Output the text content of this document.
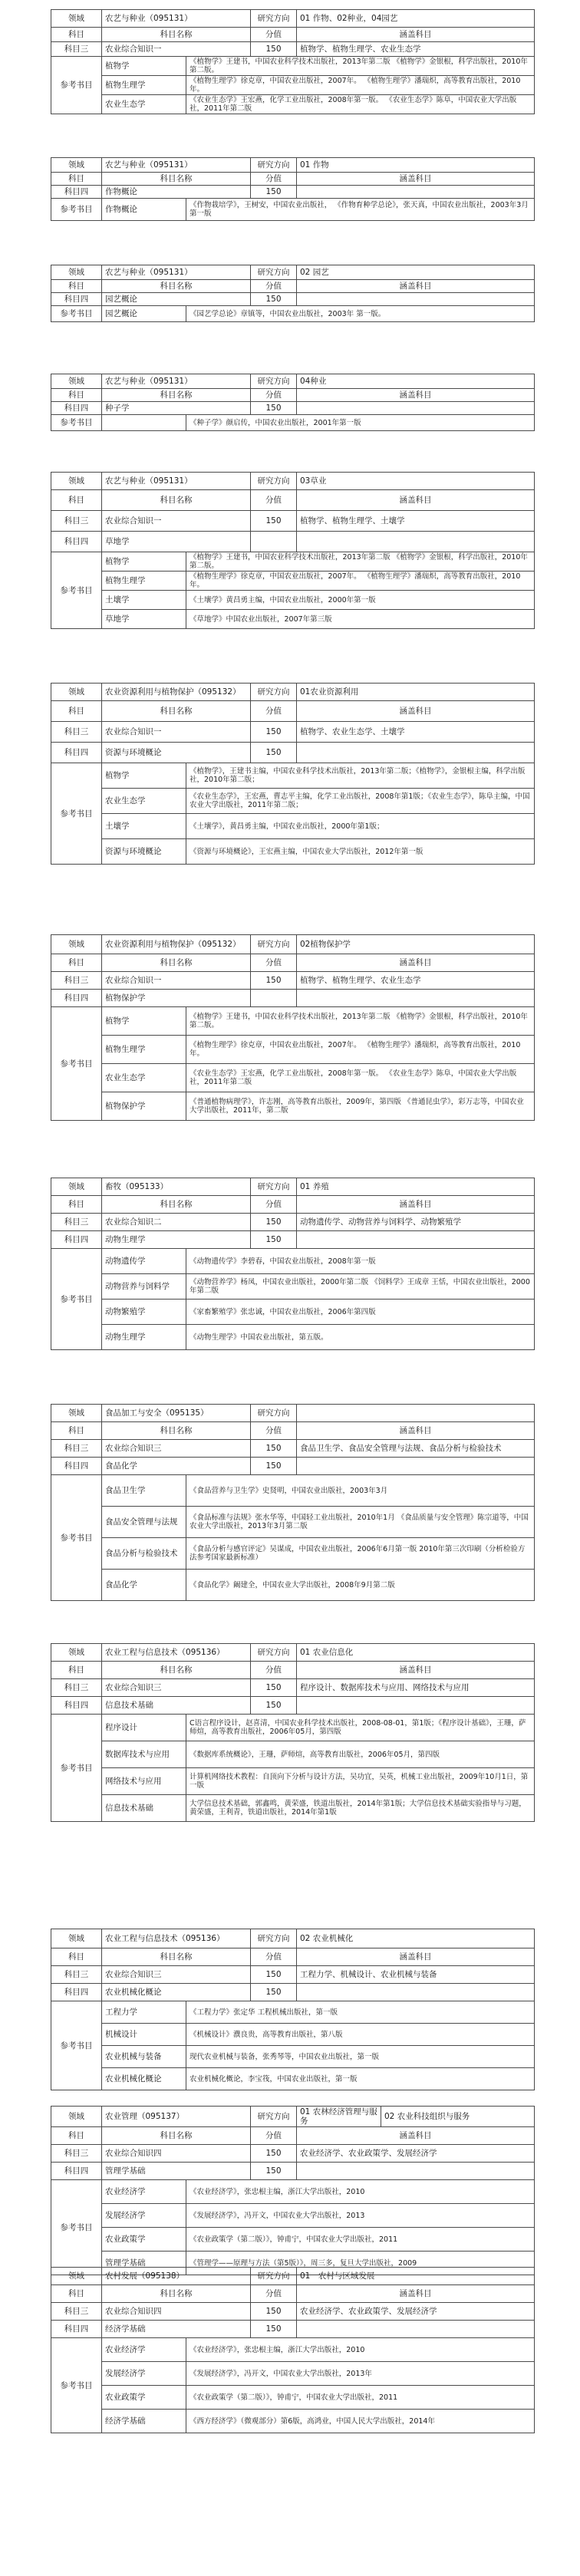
领域	农艺与种业（095131）		研究方向	01 作物、02种业，04园艺
科目	科目名称		分值	涵盖科目
科目三	农业综合知识一		150	植物学、植物生理学、农业生态学
参考书目	植物学	《植物学》王建书，中国农业科学技术出版社，2013年第二版 《植物学》金银根，科学出版社，2010年第二版。		
	植物生理学	《植物生理学》徐克章，中国农业出版社，2007年。 《植物生理学》潘瑞炽，高等教育出版社，2010年。		
	农业生态学	《农业生态学》王宏燕，化学工业出版社，2008年第一版。 《农业生态学》陈阜，中国农业大学出版社，2011年第二版		
领域	农艺与种业（095131）		研究方向	01 作物
科目	科目名称		分值	涵盖科目
科目四	作物概论		150	
参考书目	作物概论	《作物栽培学》，王树安，中国农业出版社， 《作物育种学总论》，张天真，中国农业出版社，2003年3月第一版		
领域	农艺与种业（095131）		研究方向	02 园艺
科目	科目名称		分值	涵盖科目
科目四	园艺概论		150	
参考书目	园艺概论	《园艺学总论》章镇等，中国农业出版社，2003年 第一版。		
领域	农艺与种业（095131）		研究方向	04种业
科目	科目名称		分值	涵盖科目
科目四	种子学		150	
参考书目		《种子学》颜启传，中国农业出版社，2001年第一版		
领域	农艺与种业（095131）		研究方向	03草业
科目	科目名称		分值	涵盖科目
科目三	农业综合知识一		150	植物学、植物生理学、土壤学
科目四	草地学			
参考书目	植物学	《植物学》王建书，中国农业科学技术出版社，2013年第二版 《植物学》金银根，科学出版社，2010年第二版。		
	植物生理学	《植物生理学》徐克章，中国农业出版社，2007年。 《植物生理学》潘瑞炽，高等教育出版社，2010年。		
	土壤学	《土壤学》黄昌勇主编，中国农业出版社，2000年第一版		
	草地学	《草地学》中国农业出版社，2007年第三版		
领域	农业资源利用与植物保护（095132）		研究方向	01农业资源利用
科目	科目名称		分值	涵盖科目
科目三	农业综合知识一		150	植物学、农业生态学、土壤学
科目四	资源与环境概论		150	
参考书目	植物学	《植物学》，王建书主编，中国农业科学技术出版社，2013年第二版；《植物学》，金银根主编，科学出版社，2010年第二版；		
	农业生态学	《农业生态学》，王宏燕，曹志平主编，化学工业出版社，2008年第1版；《农业生态学》，陈阜主编，中国农业大学出版社，2011年第二版；		
	土壤学	《土壤学》，黄昌勇主编，中国农业出版社，2000年第1版；		
	资源与环境概论	《资源与环境概论》，王宏燕主编，中国农业大学出版社，2012年第一版		
领域	农业资源利用与植物保护（095132）		研究方向	02植物保护学
科目	科目名称		分值	涵盖科目
科目三	农业综合知识一		150	植物学、植物生理学、农业生态学
科目四	植物保护学			
参考书目	植物学	《植物学》王建书，中国农业科学技术出版社，2013年第二版 《植物学》金银根，科学出版社，2010年第二版。		
	植物生理学	《植物生理学》徐克章，中国农业出版社，2007年。 《植物生理学》潘瑞炽，高等教育出版社，2010年。		
	农业生态学	《农业生态学》王宏燕，化学工业出版社，2008年第一版。 《农业生态学》陈阜，中国农业大学出版社，2011年第二版		
	植物保护学	《普通植物病理学》，许志刚，高等教育出版社，2009年，第四版 《普通昆虫学》，彩万志等，中国农业大学出版社，2011年，第二版		
领域	畜牧（095133）		研究方向	01 养殖
科目	科目名称		分值	涵盖科目
科目三	农业综合知识二		150	动物遗传学、动物营养与饲料学、动物繁殖学
科目四	动物生理学		150	
参考书目	动物遗传学	《动物遗传学》李碧春，中国农业出版社，2008年第一版		
	动物营养与饲料学	《动物营养学》杨凤，中国农业出版社，2000年第二版 《饲料学》王成章 王恬，中国农业出版社，2000年第二版		
	动物繁殖学	《家畜繁殖学》张忠诚，中国农业出版社，2006年第四版		
	动物生理学	《动物生理学》中国农业出版社，第五版。		
领域	食品加工与安全（095135）		研究方向	
科目	科目名称		分值	涵盖科目
科目三	农业综合知识三		150	食品卫生学、食品安全管理与法规、食品分析与检验技术
科目四	食品化学		150	
参考书目	食品卫生学	《食品营养与卫生学》史贤明，中国农业出版社，2003年3月		
	食品安全管理与法规	《食品标准与法规》张水华等，中国轻工业出版社，2010年1月 《食品质量与安全管理》陈宗道等，中国农业大学出版社，2013年3月第二版		
	食品分析与检验技术	《食品分析与感官评定》吴谋成，中国农业出版社，2006年6月第一版 2010年第三次印刷（分析检验方法参考国家最新标准）		
	食品化学	《食品化学》阚建全，中国农业大学出版社，2008年9月第二版		
领域	农业工程与信息技术（095136）		研究方向	01 农业信息化
科目	科目名称		分值	涵盖科目
科目三	农业综合知识三		150	程序设计、数据库技术与应用、网络技术与应用
科目四	信息技术基础		150	
参考书目	程序设计	C语言程序设计，赵喜清，中国农业科学技术出版社，2008-08-01，第1版；《程序设计基础》，王珊，萨师煊，高等教育出版社，2006年05月，第四版		
	数据库技术与应用	《数据库系统概论》，王珊，萨师煊，高等教育出版社，2006年05月，第四版		
	网络技术与应用	计算机网络技术教程：自顶向下分析与设计方法，吴功宜，吴英，机械工业出版社，2009年10月1日，第一版		
	信息技术基础	大学信息技术基础，郭鑫鸣，黄荣盛，铁道出版社，2014年第1版；大学信息技术基础实验指导与习题，黄荣盛，王利青，铁道出版社，2014年第1版		
领域	农业工程与信息技术（095136）		研究方向	02 农业机械化
科目	科目名称		分值	涵盖科目
科目三	农业综合知识三		150	工程力学、机械设计、农业机械与装备
科目四	农业机械化概论		150	
参考书目	工程力学	《工程力学》张定华 工程机械出版社，第一版		
	机械设计	《机械设计》濮良贵，高等教育出版社，第八版		
	农业机械与装备	现代农业机械与装备，张秀琴等，中国农业出版社，第一版		
	农业机械化概论	农业机械化概论，李宝筏，中国农业出版社，第一版		
领域	农业管理（095137）		研究方向	01 农林经济管理与服务	02 农业科技组织与服务
科目	科目名称		分值	涵盖科目	
科目三	农业综合知识四		150	农业经济学、农业政策学、发展经济学	
科目四	管理学基础		150		
参考书目	农业经济学	《农业经济学》，张忠根主编，浙江大学出版社，2010			
	发展经济学	《发展经济学》，冯开文，中国农业大学出版社，2013			
	农业政策学	《农业政策学（第二版）》，钟甫宁，中国农业大学出版社，2011			
	管理学基础	《管理学——原理与方法（第5版）》，周三多，复旦大学出版社，2009			
领域	农村发展（095138）		研究方向	01　农村与区域发展
科目	科目名称		分值	涵盖科目
科目三	农业综合知识四		150	农业经济学、农业政策学、发展经济学
科目四	经济学基础		150	
参考书目	农业经济学	《农业经济学》，张忠根主编，浙江大学出版社，2010		
	发展经济学	《发展经济学》，冯开文，中国农业大学出版社，2013年		
	农业政策学	《农业政策学（第二版）》，钟甫宁，中国农业大学出版社，2011		
	经济学基础	《西方经济学》（微观部分）第6版，高鸿业，中国人民大学出版社，2014年		
